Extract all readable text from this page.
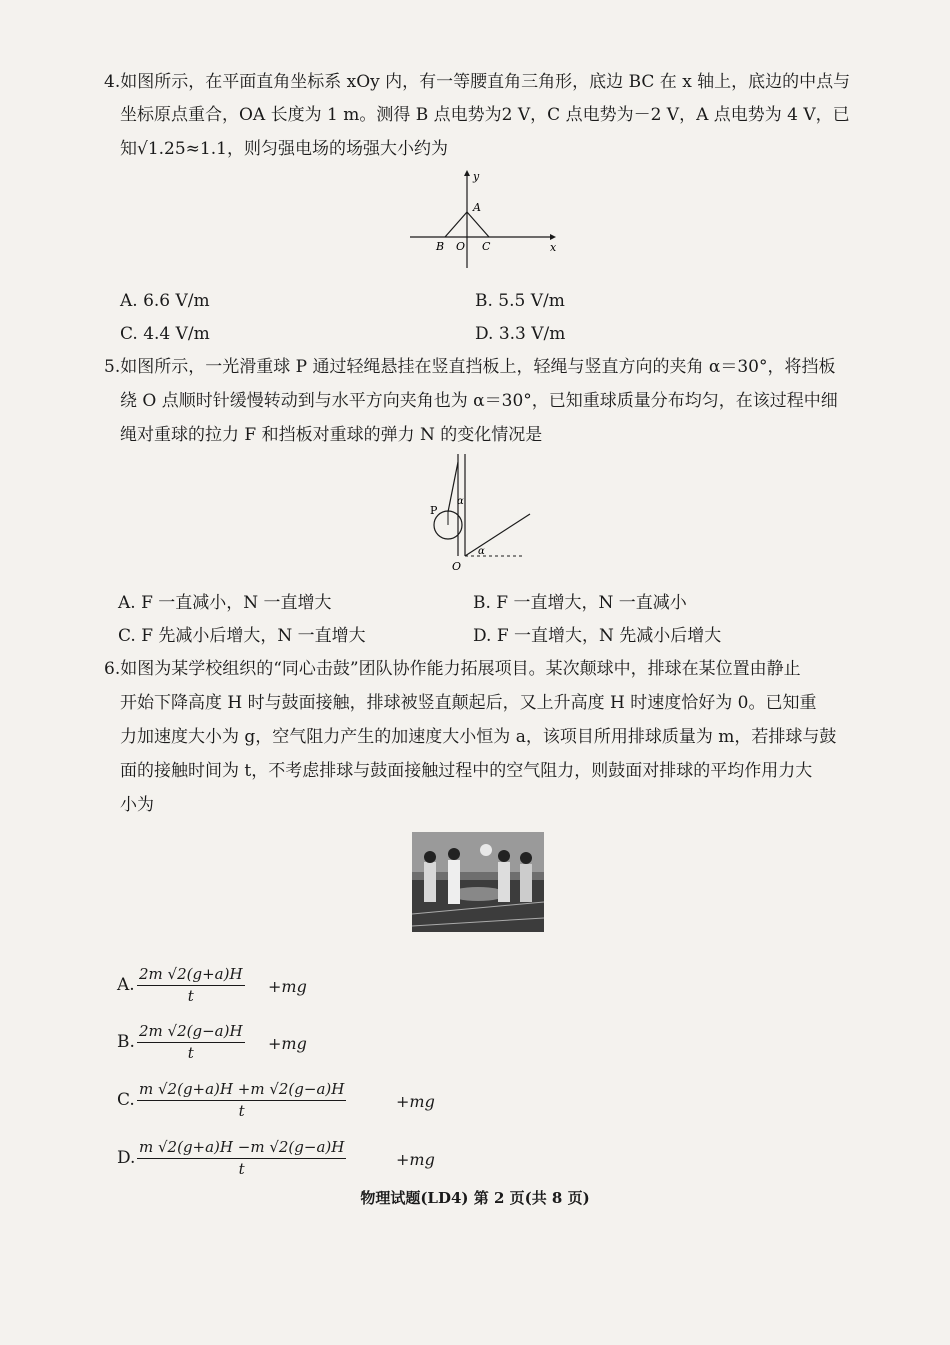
4.如图所示，在平面直角坐标系 xOy 内，有一等腰直角三角形，底边 BC 在 x 轴上，底边的中点与
坐标原点重合，OA 长度为 1 m。测得 B 点电势为2 V，C 点电势为－2 V，A 点电势为 4 V，已
知√1.25≈1.1，则匀强电场的场强大小约为
y
x
A
B O C
A. 6.6 V/m	B. 5.5 V/m
C. 4.4 V/m	D. 3.3 V/m
5.如图所示，一光滑重球 P 通过轻绳悬挂在竖直挡板上，轻绳与竖直方向的夹角 α＝30°，将挡板
绕 O 点顺时针缓慢转动到与水平方向夹角也为 α＝30°，已知重球质量分布均匀，在该过程中细
绳对重球的拉力 F 和挡板对重球的弹力 N 的变化情况是
α
α
P
O
A. F 一直减小，N 一直增大	B. F 一直增大，N 一直减小
C. F 先减小后增大，N 一直增大	D. F 一直增大，N 先减小后增大
6.如图为某学校组织的“同心击鼓”团队协作能力拓展项目。某次颠球中，排球在某位置由静止
开始下降高度 H 时与鼓面接触，排球被竖直颠起后，又上升高度 H 时速度恰好为 0。已知重
力加速度大小为 g，空气阻力产生的加速度大小恒为 a，该项目所用排球质量为 m，若排球与鼓
面的接触时间为 t，不考虑排球与鼓面接触过程中的空气阻力，则鼓面对排球的平均作用力大
小为
A. $\frac{2m √2(g+a)H}{t} +mg$
B. $\frac{2m √2(g-a)H}{t} +mg$
C. $\frac{m √2(g+a)H +m √2(g-a)H}{t}$	+mg
D. $\frac{m √2(g+a)H -m √2(g-a)H}{t}$	+mg
物理试题(LD4) 第 2 页(共 8 页)
